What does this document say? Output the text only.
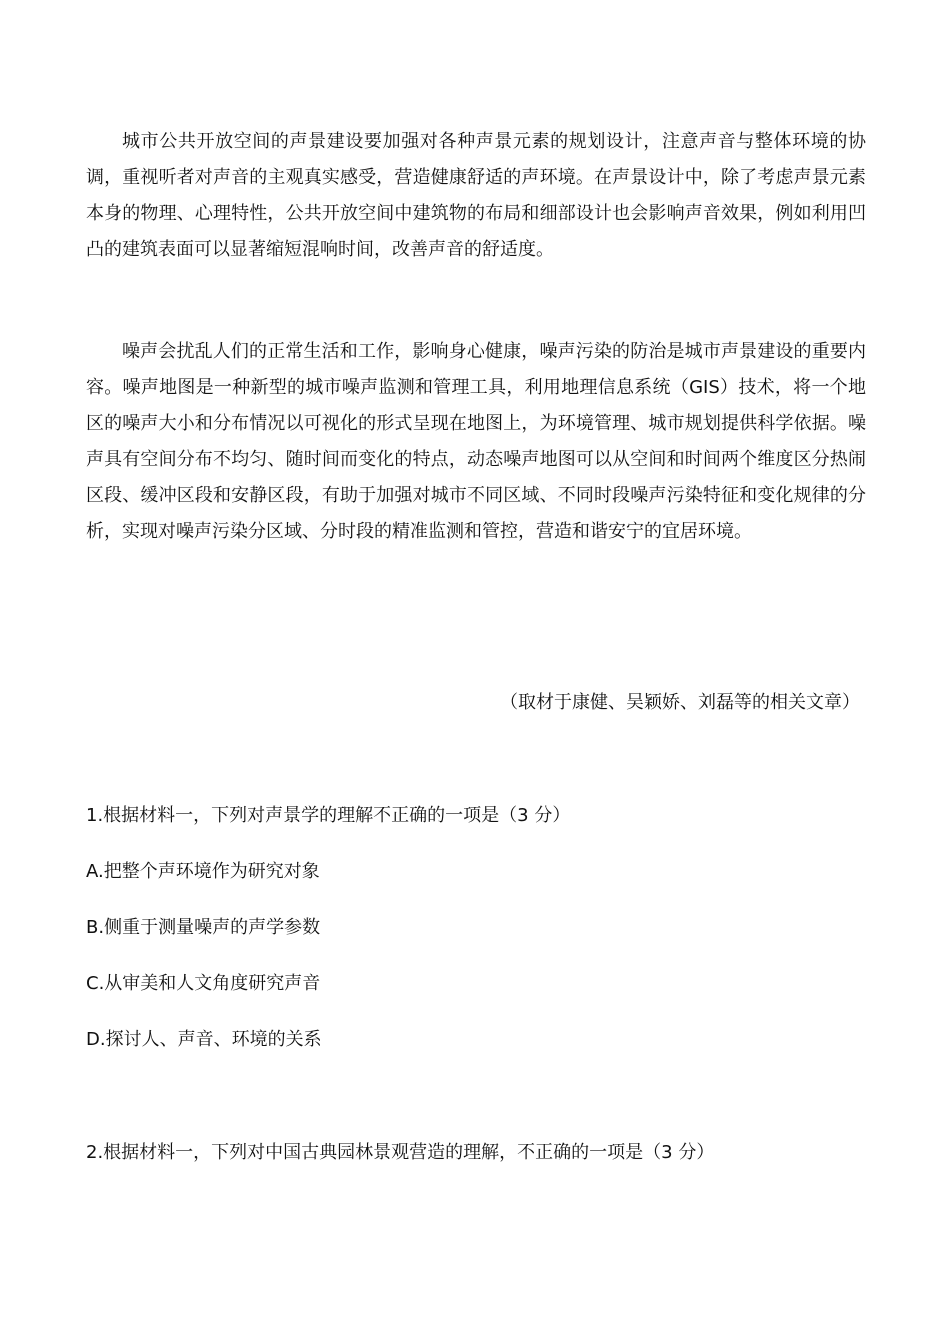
城市公共开放空间的声景建设要加强对各种声景元素的规划设计，注意声音与整体环境的协调，重视听者对声音的主观真实感受，营造健康舒适的声环境。在声景设计中，除了考虑声景元素本身的物理、心理特性，公共开放空间中建筑物的布局和细部设计也会影响声音效果，例如利用凹凸的建筑表面可以显著缩短混响时间，改善声音的舒适度。

噪声会扰乱人们的正常生活和工作，影响身心健康，噪声污染的防治是城市声景建设的重要内容。噪声地图是一种新型的城市噪声监测和管理工具，利用地理信息系统（GIS）技术，将一个地区的噪声大小和分布情况以可视化的形式呈现在地图上，为环境管理、城市规划提供科学依据。噪声具有空间分布不均匀、随时间而变化的特点，动态噪声地图可以从空间和时间两个维度区分热闹区段、缓冲区段和安静区段，有助于加强对城市不同区域、不同时段噪声污染特征和变化规律的分析，实现对噪声污染分区域、分时段的精准监测和管控，营造和谐安宁的宜居环境。

（取材于康健、吴颖娇、刘磊等的相关文章）

1.根据材料一，下列对声景学的理解不正确的一项是（3 分）

A.把整个声环境作为研究对象

B.侧重于测量噪声的声学参数

C.从审美和人文角度研究声音

D.探讨人、声音、环境的关系

2.根据材料一，下列对中国古典园林景观营造的理解，不正确的一项是（3 分）
